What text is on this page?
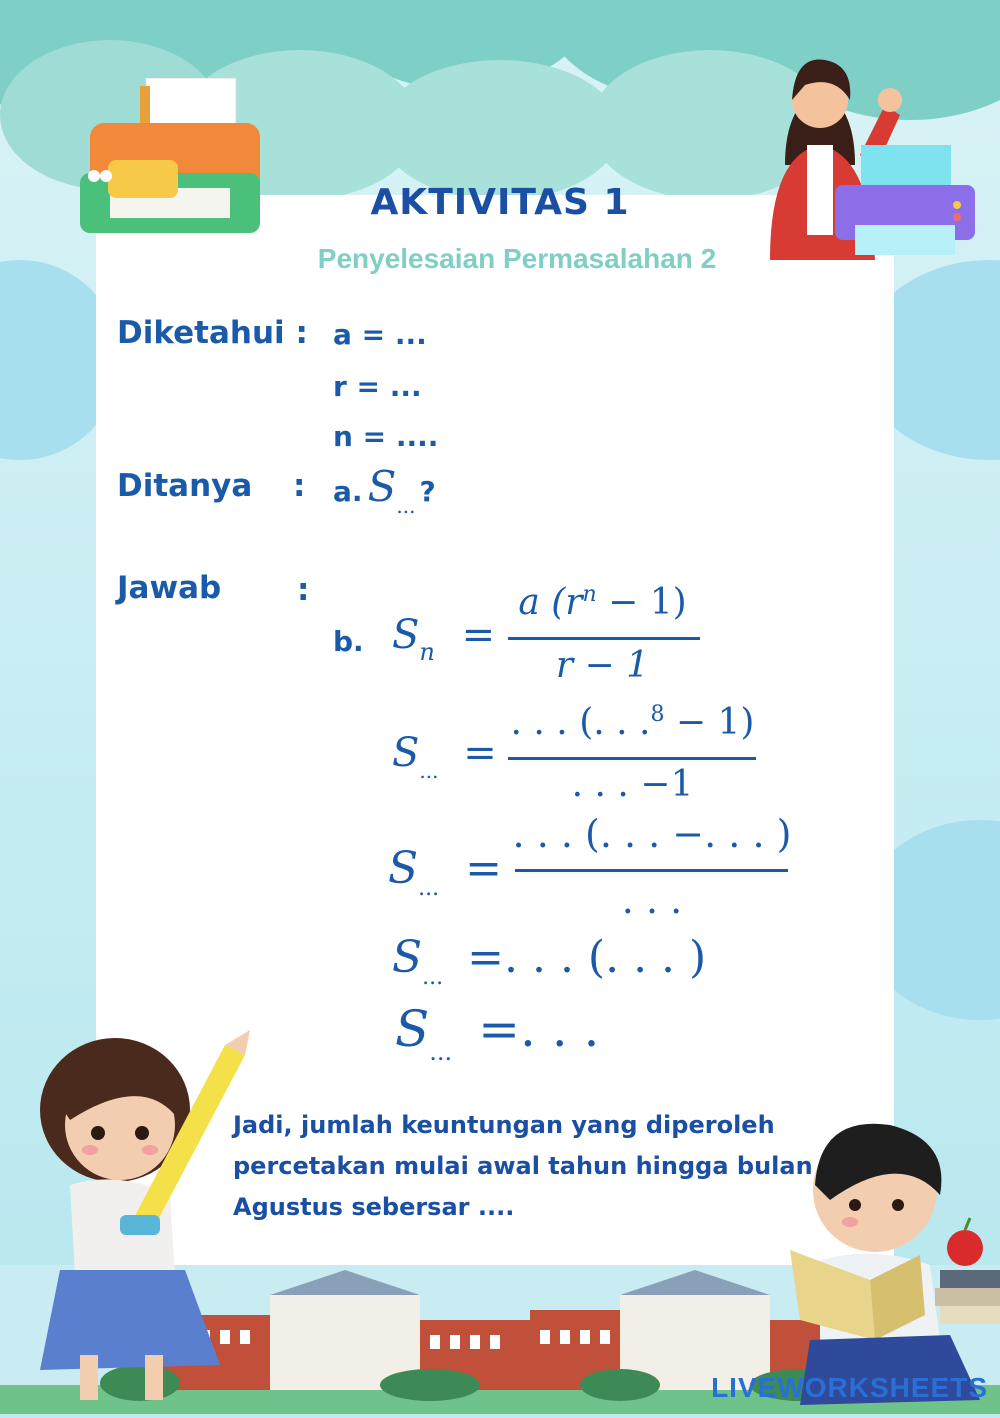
AKTIVITAS 1
Penyelesaian Permasalahan 2
Diketahui : a = ...
r = ...
n = ....
Ditanya : a. S... ?
Jawab :
b. $S_n$ =
a $(r^n - 1)$
r − 1
$S_{...}$ =
. . . (. . .$^8$ − 1)
. . . −1
$S_{...}$ =
. . . (. . . −. . . )
. . .
$S_{...}$ =. . . (. . . )
$S_{...}$ =. . .
Jadi, jumlah keuntungan yang diperoleh
percetakan mulai awal tahun hingga bulan
Agustus sebersar ....
LIVEWORKSHEETS
